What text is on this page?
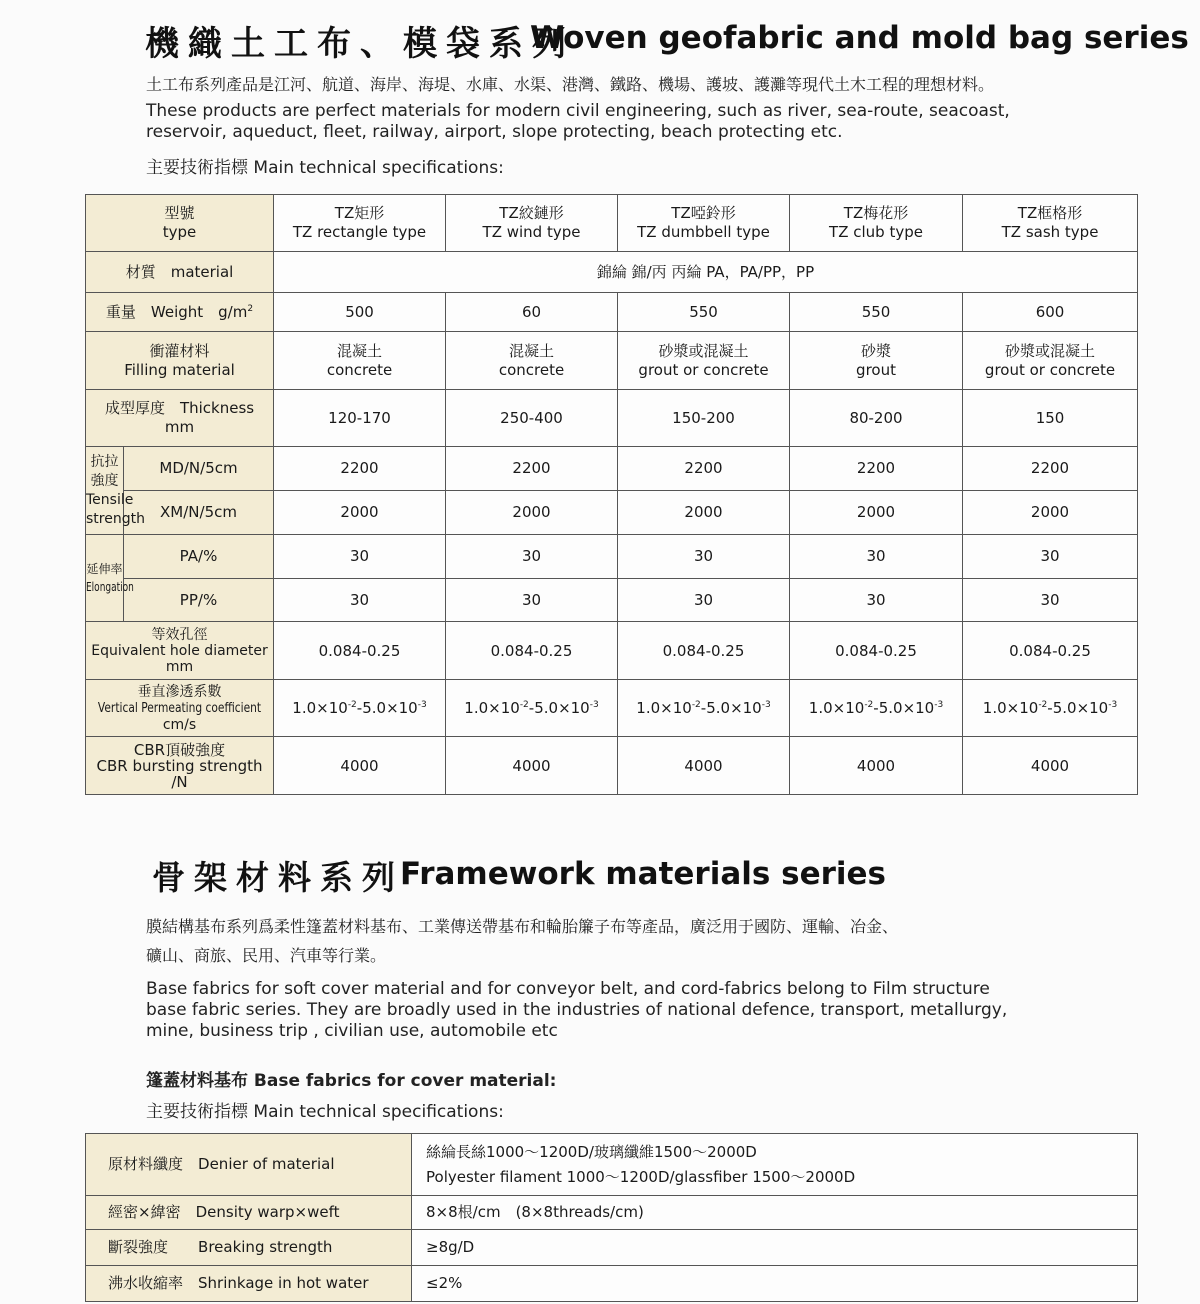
機織土工布、模袋系列
Woven geofabric and mold bag series
土工布系列產品是江河、航道、海岸、海堤、水庫、水渠、港灣、鐵路、機場、護坡、護灘等現代土木工程的理想材料。
These products are perfect materials for modern civil engineering, such as river, sea-route, seacoast,
reservoir, aqueduct, fleet, railway, airport, slope protecting, beach protecting etc.
主要技術指標 Main technical specifications:
型號
type		TZ矩形
TZ rectangle type	TZ絞鏈形
TZ wind type	TZ啞鈴形
TZ dumbbell type	TZ梅花形
TZ club type	TZ框格形
TZ sash type
材質　material		錦綸 錦/丙 丙綸 PA，PA/PP，PP				
重量　Weight　$g/m^2$		500	60	550	550	600
衝灌材料
Filling material		混凝土
concrete	混凝土
concrete	砂漿或混凝土
grout or concrete	砂漿
grout	砂漿或混凝土
grout or concrete
成型厚度　Thickness
mm		120-170	250-400	150-200	80-200	150
抗拉
強度
Tensile
strength	MD/N/5cm	2200	2200	2200	2200	2200
	XM/N/5cm	2000	2000	2000	2000	2000
延伸率
Elongation	PA/%	30	30	30	30	30
	PP/%	30	30	30	30	30
等效孔徑
Equivalent hole diameter
mm		0.084-0.25	0.084-0.25	0.084-0.25	0.084-0.25	0.084-0.25
垂直滲透系數
Vertical Permeating coefficient
cm/s		$1.0\times 10^{-2}-5.0\times 10^{-3}$	$1.0\times 10^{-2}-5.0\times 10^{-3}$	$1.0\times 10^{-2}-5.0\times 10^{-3}$	$1.0\times 10^{-2}-5.0\times 10^{-3}$	$1.0\times 10^{-2}-5.0\times 10^{-3}$
CBR頂破強度
CBR bursting strength
/N		4000	4000	4000	4000	4000
骨架材料系列
Framework materials series
膜結構基布系列爲柔性篷蓋材料基布、工業傳送帶基布和輪胎簾子布等產品，廣泛用于國防、運輸、冶金、
礦山、商旅、民用、汽車等行業。
Base fabrics for soft cover material and for conveyor belt, and cord-fabrics belong to Film structure
base fabric series. They are broadly used in the industries of national defence, transport, metallurgy,
mine, business trip , civilian use, automobile etc
篷蓋材料基布 Base fabrics for cover material:
主要技術指標 Main technical specifications:
原材料纖度　 Denier of material	絲綸長絲1000～1200D/玻璃纖維1500～2000D
Polyester filament 1000～1200D/glassfiber 1500～2000D
經密×緯密　 Density warp×weft	8×8根/cm　(8×8threads/cm)
斷裂強度　　 Breaking strength	≥8g/D
沸水收縮率　 Shrinkage in hot water	≤2%
